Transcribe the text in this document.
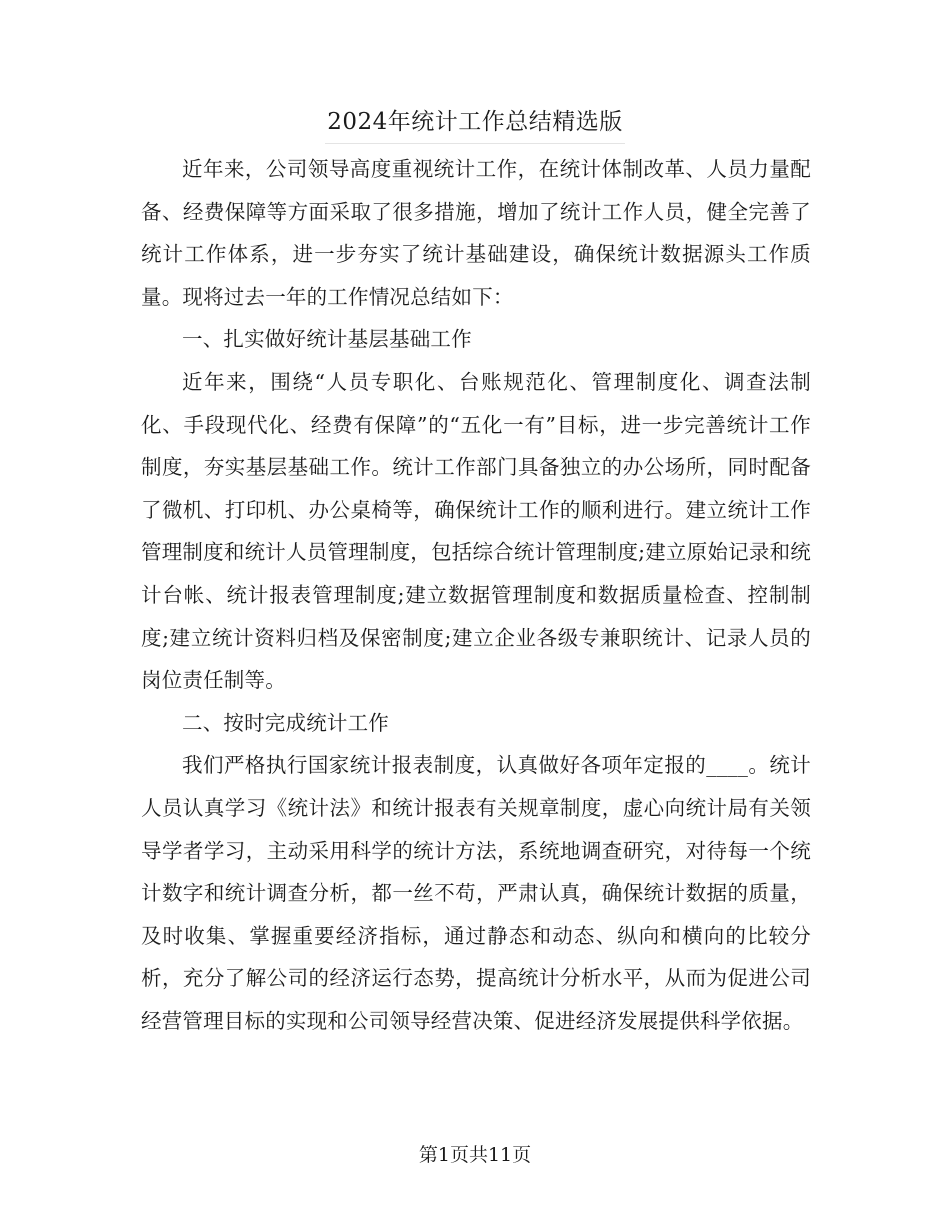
2024年统计工作总结精选版

近年来，公司领导高度重视统计工作，在统计体制改革、人员力量配备、经费保障等方面采取了很多措施，增加了统计工作人员，健全完善了统计工作体系，进一步夯实了统计基础建设，确保统计数据源头工作质量。现将过去一年的工作情况总结如下：

一、扎实做好统计基层基础工作

近年来，围绕“人员专职化、台账规范化、管理制度化、调查法制化、手段现代化、经费有保障”的“五化一有”目标，进一步完善统计工作制度，夯实基层基础工作。统计工作部门具备独立的办公场所，同时配备了微机、打印机、办公桌椅等，确保统计工作的顺利进行。建立统计工作管理制度和统计人员管理制度，包括综合统计管理制度;建立原始记录和统计台帐、统计报表管理制度;建立数据管理制度和数据质量检查、控制制度;建立统计资料归档及保密制度;建立企业各级专兼职统计、记录人员的岗位责任制等。

二、按时完成统计工作

我们严格执行国家统计报表制度，认真做好各项年定报的____。统计人员认真学习《统计法》和统计报表有关规章制度，虚心向统计局有关领导学者学习，主动采用科学的统计方法，系统地调查研究，对待每一个统计数字和统计调查分析，都一丝不苟，严肃认真，确保统计数据的质量，及时收集、掌握重要经济指标，通过静态和动态、纵向和横向的比较分析，充分了解公司的经济运行态势，提高统计分析水平，从而为促进公司经营管理目标的实现和公司领导经营决策、促进经济发展提供科学依据。

第1页共11页
